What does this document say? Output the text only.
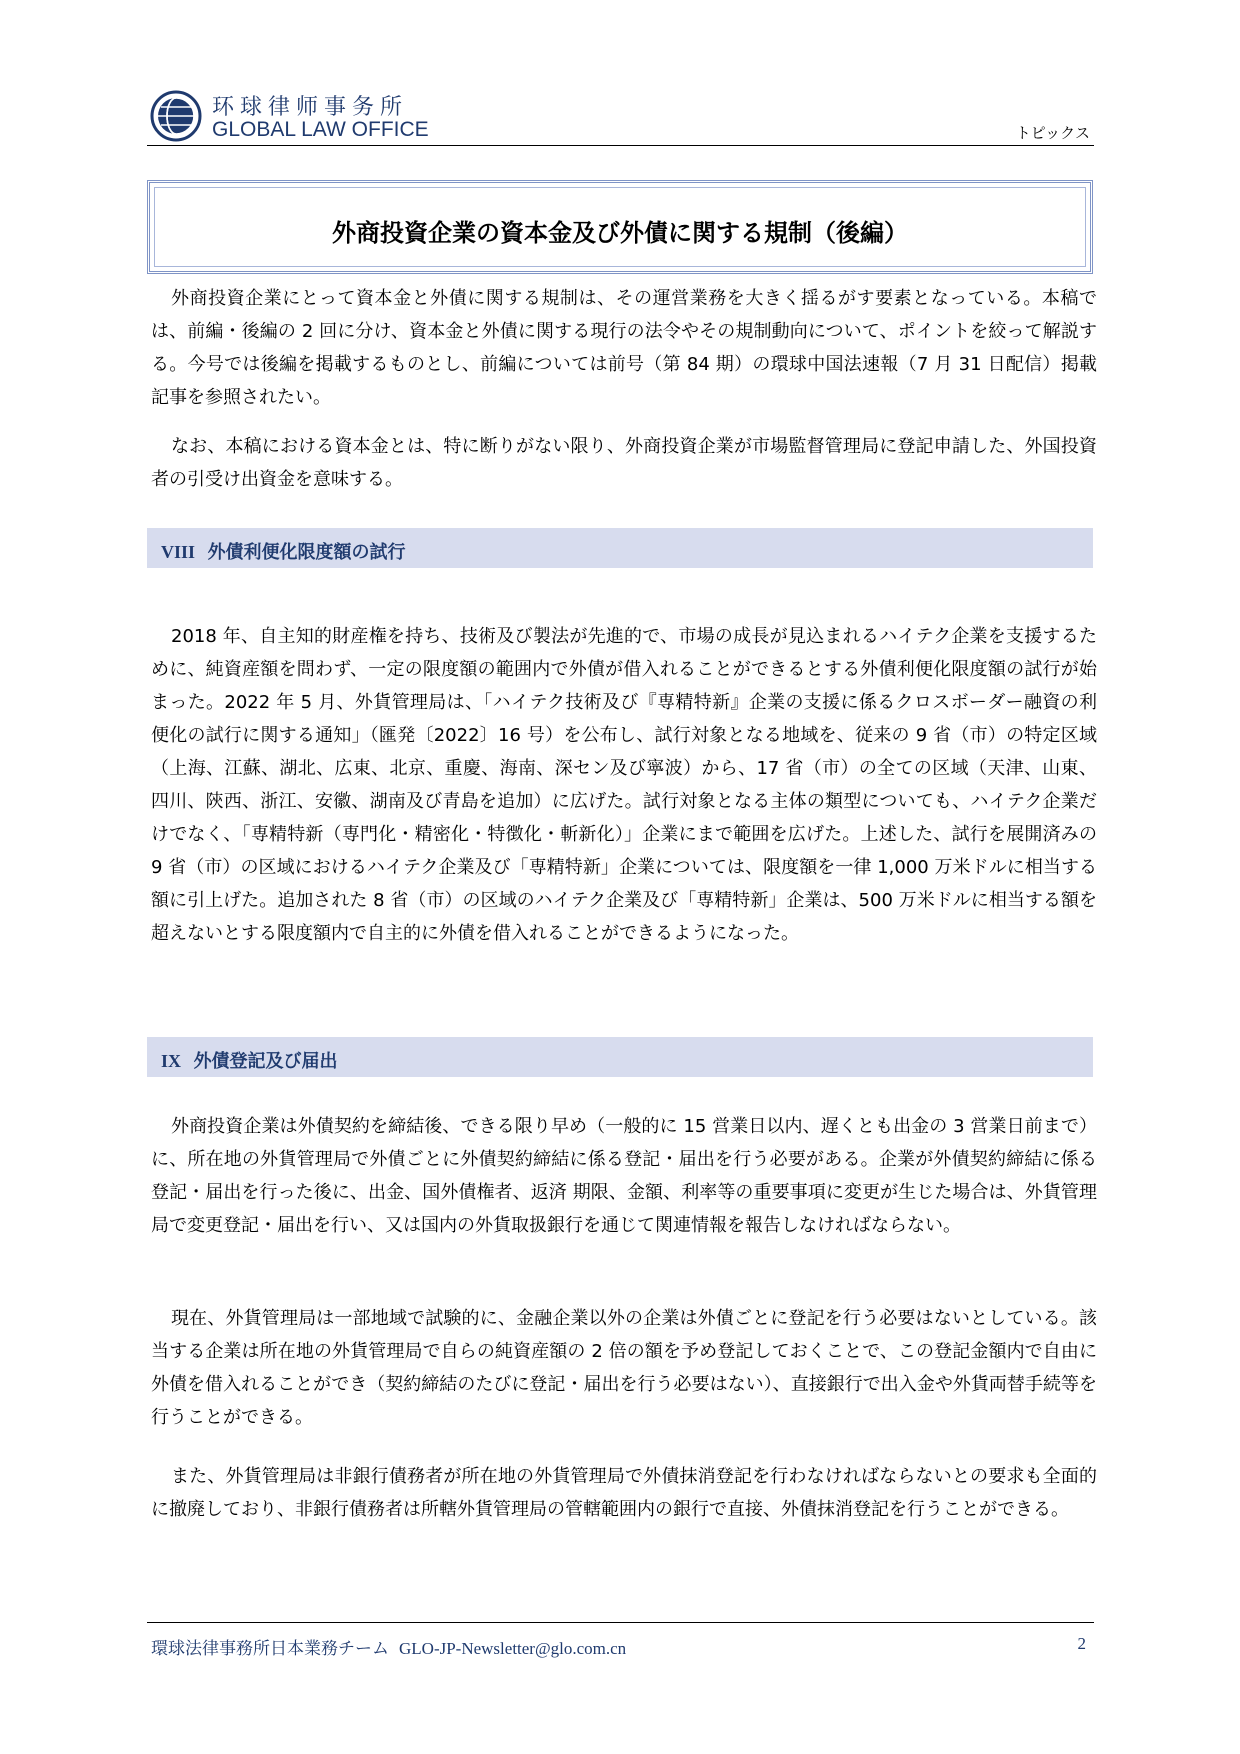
环球律师事务所
GLOBAL LAW OFFICE	トピックス
外商投資企業の資本金及び外債に関する規制（後編）

外商投資企業にとって資本金と外債に関する規制は、その運営業務を大きく揺るがす要素となっている。本稿では、前編・後編の 2 回に分け、資本金と外債に関する現行の法令やその規制動向について、ポイントを絞って解説する。今号では後編を掲載するものとし、前編については前号（第 84 期）の環球中国法速報（7 月 31 日配信）掲載記事を参照されたい。

なお、本稿における資本金とは、特に断りがない限り、外商投資企業が市場監督管理局に登記申請した、外国投資者の引受け出資金を意味する。

VIII 外債利便化限度額の試行

2018 年、自主知的財産権を持ち、技術及び製法が先進的で、市場の成長が見込まれるハイテク企業を支援するために、純資産額を問わず、一定の限度額の範囲内で外債が借入れることができるとする外債利便化限度額の試行が始まった。2022 年 5 月、外貨管理局は、「ハイテク技術及び『専精特新』企業の支援に係るクロスボーダー融資の利便化の試行に関する通知」（匯発〔2022〕16 号）を公布し、試行対象となる地域を、従来の 9 省（市）の特定区域（上海、江蘇、湖北、広東、北京、重慶、海南、深セン及び寧波）から、17 省（市）の全ての区域（天津、山東、四川、陝西、浙江、安徽、湖南及び青島を追加）に広げた。試行対象となる主体の類型についても、ハイテク企業だけでなく、「専精特新（専門化・精密化・特徴化・斬新化）」企業にまで範囲を広げた。上述した、試行を展開済みの 9 省（市）の区域におけるハイテク企業及び「専精特新」企業については、限度額を一律 1,000 万米ドルに相当する額に引上げた。追加された 8 省（市）の区域のハイテク企業及び「専精特新」企業は、500 万米ドルに相当する額を超えないとする限度額内で自主的に外債を借入れることができるようになった。

IX 外債登記及び届出

外商投資企業は外債契約を締結後、できる限り早め（一般的に 15 営業日以内、遅くとも出金の 3 営業日前まで）に、所在地の外貨管理局で外債ごとに外債契約締結に係る登記・届出を行う必要がある。企業が外債契約締結に係る登記・届出を行った後に、出金、国外債権者、返済 期限、金額、利率等の重要事項に変更が生じた場合は、外貨管理局で変更登記・届出を行い、又は国内の外貨取扱銀行を通じて関連情報を報告しなければならない。

現在、外貨管理局は一部地域で試験的に、金融企業以外の企業は外債ごとに登記を行う必要はないとしている。該当する企業は所在地の外貨管理局で自らの純資産額の 2 倍の額を予め登記しておくことで、この登記金額内で自由に外債を借入れることができ（契約締結のたびに登記・届出を行う必要はない）、直接銀行で出入金や外貨両替手続等を行うことができる。

また、外貨管理局は非銀行債務者が所在地の外貨管理局で外債抹消登記を行わなければならないとの要求も全面的に撤廃しており、非銀行債務者は所轄外貨管理局の管轄範囲内の銀行で直接、外債抹消登記を行うことができる。

環球法律事務所日本業務チーム GLO-JP-Newsletter@glo.com.cn	2
